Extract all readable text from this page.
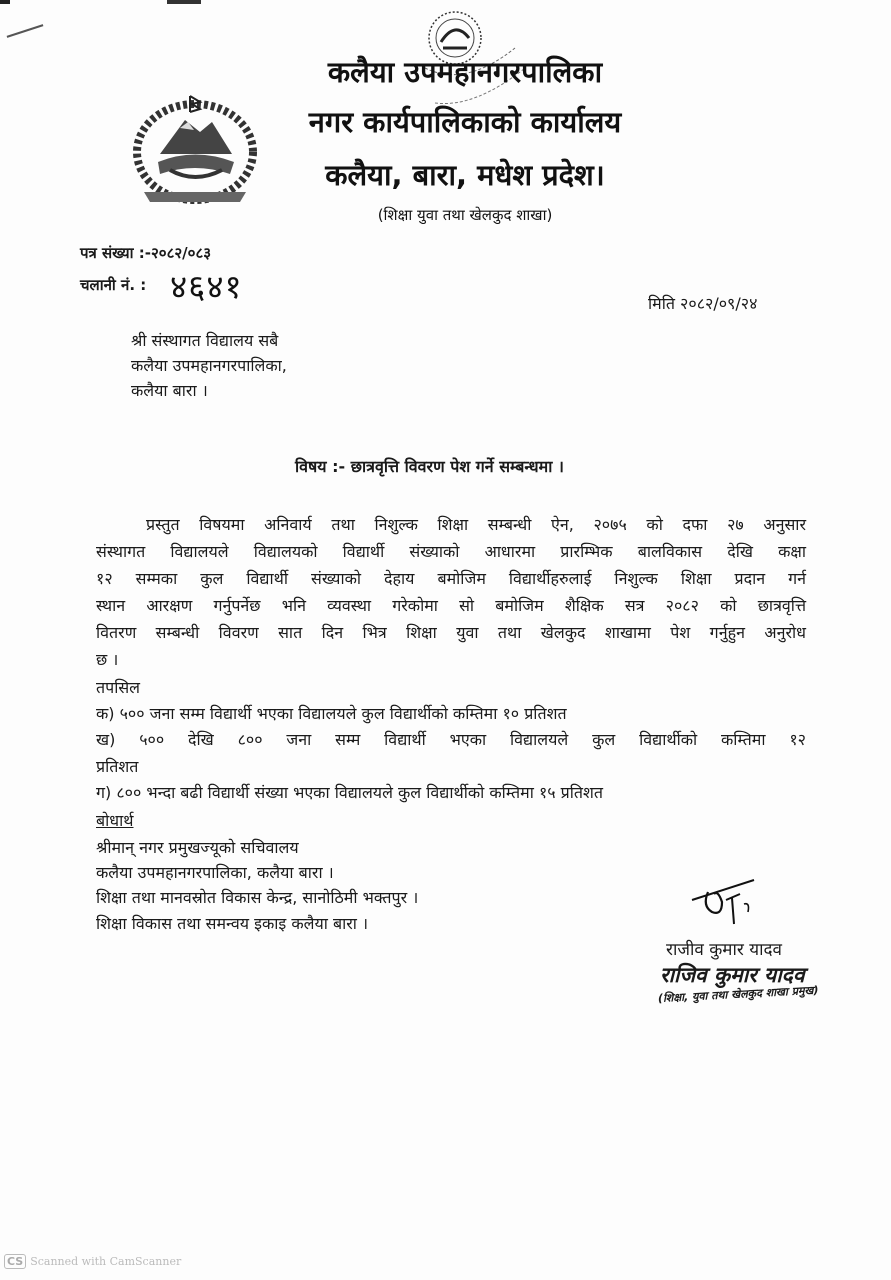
कलैया उपमहानगरपालिका
नगर कार्यपालिकाको कार्यालय
कलैया, बारा, मधेश प्रदेश।
(शिक्षा युवा तथा खेलकुद शाखा)
पत्र संख्या :-२०८२/०८३
चलानी नं. : ४६४१	मिति २०८२/०९/२४
श्री संस्थागत विद्यालय सबै
कलैया उपमहानगरपालिका,
कलैया बारा ।
विषय :- छात्रवृत्ति विवरण पेश गर्ने सम्बन्धमा ।
प्रस्तुत विषयमा अनिवार्य तथा निशुल्क शिक्षा सम्बन्धी ऐन, २०७५ को दफा २७ अनुसार
संस्थागत विद्यालयले विद्यालयको विद्यार्थी संख्याको आधारमा प्रारम्भिक बालविकास देखि कक्षा
१२ सम्मका कुल विद्यार्थी संख्याको देहाय बमोजिम विद्यार्थीहरुलाई निशुल्क शिक्षा प्रदान गर्न
स्थान आरक्षण गर्नुपर्नेछ भनि व्यवस्था गरेकोमा सो बमोजिम शैक्षिक सत्र २०८२ को छात्रवृत्ति
वितरण सम्बन्धी विवरण सात दिन भित्र शिक्षा युवा तथा खेलकुद शाखामा पेश गर्नुहुन अनुरोध
छ ।
तपसिल
क) ५०० जना सम्म विद्यार्थी भएका विद्यालयले कुल विद्यार्थीको कम्तिमा १० प्रतिशत
ख) ५०० देखि ८०० जना सम्म विद्यार्थी भएका विद्यालयले कुल विद्यार्थीको कम्तिमा १२
प्रतिशत
ग) ८०० भन्दा बढी विद्यार्थी संख्या भएका विद्यालयले कुल विद्यार्थीको कम्तिमा १५ प्रतिशत
बोधार्थ
श्रीमान् नगर प्रमुखज्यूको सचिवालय
कलैया उपमहानगरपालिका, कलैया बारा ।
शिक्षा तथा मानवस्रोत विकास केन्द्र, सानोठिमी भक्तपुर ।
शिक्षा विकास तथा समन्वय इकाइ कलैया बारा ।
राजीव कुमार यादव
राजिव कुमार यादव
(शिक्षा, युवा तथा खेलकुद शाखा प्रमुख)
CS Scanned with CamScanner
